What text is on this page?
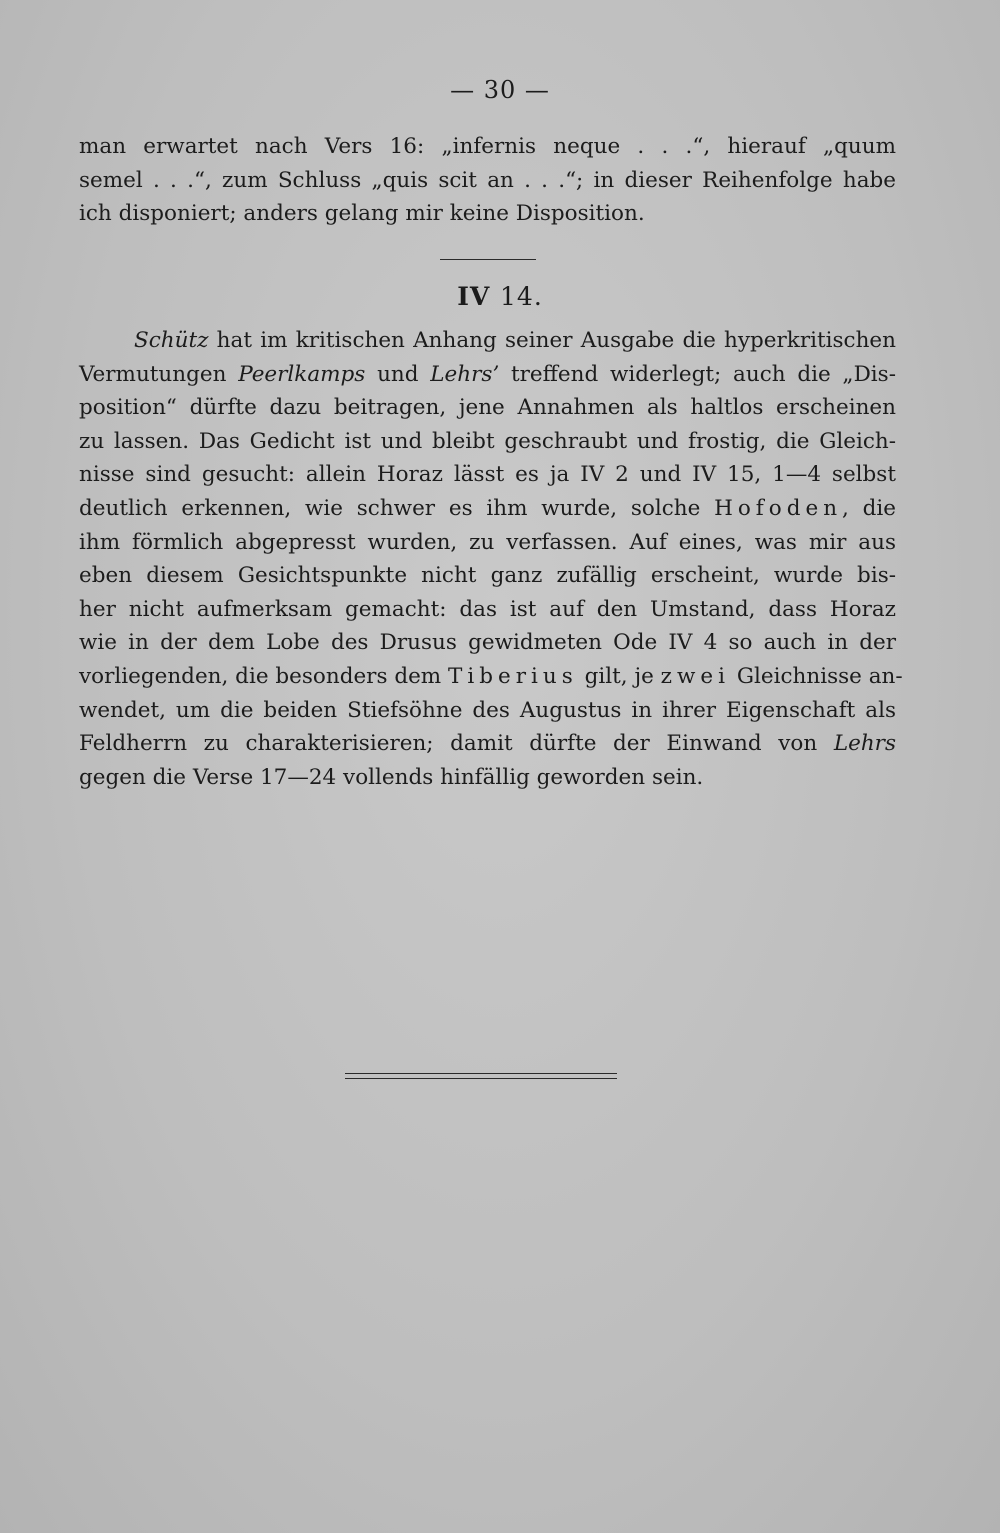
— 30 —
man erwartet nach Vers 16: „infernis neque . . .“, hierauf „quum
semel . . .“, zum Schluss „quis scit an . . .“; in dieser Reihenfolge habe
ich disponiert; anders gelang mir keine Disposition.
IV 14.
Schütz hat im kritischen Anhang seiner Ausgabe die hyperkritischen
Vermutungen Peerlkamps und Lehrs’ treffend widerlegt; auch die „Dis-
position“ dürfte dazu beitragen, jene Annahmen als haltlos erscheinen
zu lassen. Das Gedicht ist und bleibt geschraubt und frostig, die Gleich-
nisse sind gesucht: allein Horaz lässt es ja IV 2 und IV 15, 1—4 selbst
deutlich erkennen, wie schwer es ihm wurde, solche Hofoden, die
ihm förmlich abgepresst wurden, zu verfassen. Auf eines, was mir aus
eben diesem Gesichtspunkte nicht ganz zufällig erscheint, wurde bis-
her nicht aufmerksam gemacht: das ist auf den Umstand, dass Horaz
wie in der dem Lobe des Drusus gewidmeten Ode IV 4 so auch in der
vorliegenden, die besonders dem Tiberius gilt, je zwei Gleichnisse an-
wendet, um die beiden Stiefsöhne des Augustus in ihrer Eigenschaft als
Feldherrn zu charakterisieren; damit dürfte der Einwand von Lehrs
gegen die Verse 17—24 vollends hinfällig geworden sein.
